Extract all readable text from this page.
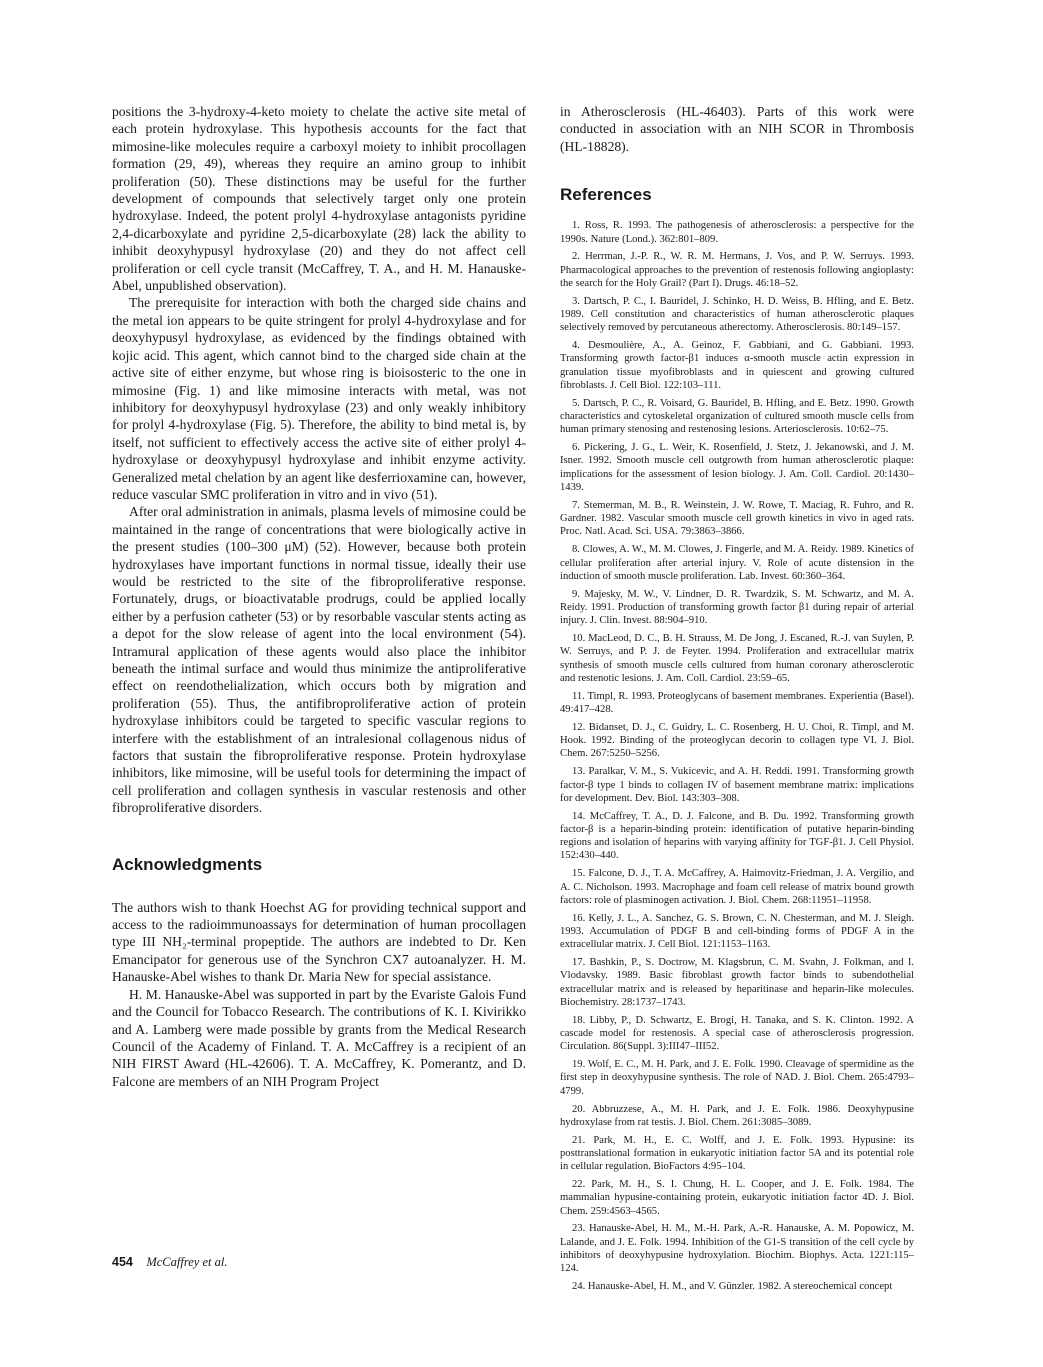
positions the 3-hydroxy-4-keto moiety to chelate the active site metal of each protein hydroxylase. This hypothesis accounts for the fact that mimosine-like molecules require a carboxyl moiety to inhibit procollagen formation (29, 49), whereas they require an amino group to inhibit proliferation (50). These distinctions may be useful for the further development of compounds that selectively target only one protein hydroxylase. Indeed, the potent prolyl 4-hydroxylase antagonists pyridine 2,4-dicarboxylate and pyridine 2,5-dicarboxylate (28) lack the ability to inhibit deoxyhypusyl hydroxylase (20) and they do not affect cell proliferation or cell cycle transit (McCaffrey, T. A., and H. M. Hanauske-Abel, unpublished observation).

The prerequisite for interaction with both the charged side chains and the metal ion appears to be quite stringent for prolyl 4-hydroxylase and for deoxyhypusyl hydroxylase, as evidenced by the findings obtained with kojic acid. This agent, which cannot bind to the charged side chain at the active site of either enzyme, but whose ring is bioisosteric to the one in mimosine (Fig. 1) and like mimosine interacts with metal, was not inhibitory for deoxyhypusyl hydroxylase (23) and only weakly inhibitory for prolyl 4-hydroxylase (Fig. 5). Therefore, the ability to bind metal is, by itself, not sufficient to effectively access the active site of either prolyl 4-hydroxylase or deoxyhypusyl hydroxylase and inhibit enzyme activity. Generalized metal chelation by an agent like desferrioxamine can, however, reduce vascular SMC proliferation in vitro and in vivo (51).

After oral administration in animals, plasma levels of mimosine could be maintained in the range of concentrations that were biologically active in the present studies (100–300 μM) (52). However, because both protein hydroxylases have important functions in normal tissue, ideally their use would be restricted to the site of the fibroproliferative response. Fortunately, drugs, or bioactivatable prodrugs, could be applied locally either by a perfusion catheter (53) or by resorbable vascular stents acting as a depot for the slow release of agent into the local environment (54). Intramural application of these agents would also place the inhibitor beneath the intimal surface and would thus minimize the antiproliferative effect on reendothelialization, which occurs both by migration and proliferation (55). Thus, the antifibroproliferative action of protein hydroxylase inhibitors could be targeted to specific vascular regions to interfere with the establishment of an intralesional collagenous nidus of factors that sustain the fibroproliferative response. Protein hydroxylase inhibitors, like mimosine, will be useful tools for determining the impact of cell proliferation and collagen synthesis in vascular restenosis and other fibroproliferative disorders.

Acknowledgments

The authors wish to thank Hoechst AG for providing technical support and access to the radioimmunoassays for determination of human procollagen type III NH₂-terminal propeptide. The authors are indebted to Dr. Ken Emancipator for generous use of the Synchron CX7 autoanalyzer. H. M. Hanauske-Abel wishes to thank Dr. Maria New for special assistance.

H. M. Hanauske-Abel was supported in part by the Evariste Galois Fund and the Council for Tobacco Research. The contributions of K. I. Kivirikko and A. Lamberg were made possible by grants from the Medical Research Council of the Academy of Finland. T. A. McCaffrey is a recipient of an NIH FIRST Award (HL-42606). T. A. McCaffrey, K. Pomerantz, and D. Falcone are members of an NIH Program Project

in Atherosclerosis (HL-46403). Parts of this work were conducted in association with an NIH SCOR in Thrombosis (HL-18828).

References
1. Ross, R. 1993. The pathogenesis of atherosclerosis: a perspective for the 1990s. Nature (Lond.). 362:801–809.
2. Herrman, J.-P. R., W. R. M. Hermans, J. Vos, and P. W. Serruys. 1993. Pharmacological approaches to the prevention of restenosis following angioplasty: the search for the Holy Grail? (Part I). Drugs. 46:18–52.
3. Dartsch, P. C., I. Bauridel, J. Schinko, H. D. Weiss, B. Hfling, and E. Betz. 1989. Cell constitution and characteristics of human atherosclerotic plaques selectively removed by percutaneous atherectomy. Atherosclerosis. 80:149–157.
4. Desmoulière, A., A. Geinoz, F. Gabbiani, and G. Gabbiani. 1993. Transforming growth factor-β1 induces α-smooth muscle actin expression in granulation tissue myofibroblasts and in quiescent and growing cultured fibroblasts. J. Cell Biol. 122:103–111.
5. Dartsch, P. C., R. Voisard, G. Bauridel, B. Hfling, and E. Betz. 1990. Growth characteristics and cytoskeletal organization of cultured smooth muscle cells from human primary stenosing and restenosing lesions. Arteriosclerosis. 10:62–75.
6. Pickering, J. G., L. Weir, K. Rosenfield, J. Stetz, J. Jekanowski, and J. M. Isner. 1992. Smooth muscle cell outgrowth from human atherosclerotic plaque: implications for the assessment of lesion biology. J. Am. Coll. Cardiol. 20:1430–1439.
7. Stemerman, M. B., R. Weinstein, J. W. Rowe, T. Maciag, R. Fuhro, and R. Gardner. 1982. Vascular smooth muscle cell growth kinetics in vivo in aged rats. Proc. Natl. Acad. Sci. USA. 79:3863–3866.
8. Clowes, A. W., M. M. Clowes, J. Fingerle, and M. A. Reidy. 1989. Kinetics of cellular proliferation after arterial injury. V. Role of acute distension in the induction of smooth muscle proliferation. Lab. Invest. 60:360–364.
9. Majesky, M. W., V. Lindner, D. R. Twardzik, S. M. Schwartz, and M. A. Reidy. 1991. Production of transforming growth factor β1 during repair of arterial injury. J. Clin. Invest. 88:904–910.
10. MacLeod, D. C., B. H. Strauss, M. De Jong, J. Escaned, R.-J. van Suylen, P. W. Serruys, and P. J. de Feyter. 1994. Proliferation and extracellular matrix synthesis of smooth muscle cells cultured from human coronary atherosclerotic and restenotic lesions. J. Am. Coll. Cardiol. 23:59–65.
11. Timpl, R. 1993. Proteoglycans of basement membranes. Experientia (Basel). 49:417–428.
12. Bidanset, D. J., C. Guidry, L. C. Rosenberg, H. U. Choi, R. Timpl, and M. Hook. 1992. Binding of the proteoglycan decorin to collagen type VI. J. Biol. Chem. 267:5250–5256.
13. Paralkar, V. M., S. Vukicevic, and A. H. Reddi. 1991. Transforming growth factor-β type 1 binds to collagen IV of basement membrane matrix: implications for development. Dev. Biol. 143:303–308.
14. McCaffrey, T. A., D. J. Falcone, and B. Du. 1992. Transforming growth factor-β is a heparin-binding protein: identification of putative heparin-binding regions and isolation of heparins with varying affinity for TGF-β1. J. Cell Physiol. 152:430–440.
15. Falcone, D. J., T. A. McCaffrey, A. Haimovitz-Friedman, J. A. Vergilio, and A. C. Nicholson. 1993. Macrophage and foam cell release of matrix bound growth factors: role of plasminogen activation. J. Biol. Chem. 268:11951–11958.
16. Kelly, J. L., A. Sanchez, G. S. Brown, C. N. Chesterman, and M. J. Sleigh. 1993. Accumulation of PDGF B and cell-binding forms of PDGF A in the extracellular matrix. J. Cell Biol. 121:1153–1163.
17. Bashkin, P., S. Doctrow, M. Klagsbrun, C. M. Svahn, J. Folkman, and I. Vlodavsky. 1989. Basic fibroblast growth factor binds to subendothelial extracellular matrix and is released by heparitinase and heparin-like molecules. Biochemistry. 28:1737–1743.
18. Libby, P., D. Schwartz, E. Brogi, H. Tanaka, and S. K. Clinton. 1992. A cascade model for restenosis. A special case of atherosclerosis progression. Circulation. 86(Suppl. 3):III47–III52.
19. Wolf, E. C., M. H. Park, and J. E. Folk. 1990. Cleavage of spermidine as the first step in deoxyhypusine synthesis. The role of NAD. J. Biol. Chem. 265:4793–4799.
20. Abbruzzese, A., M. H. Park, and J. E. Folk. 1986. Deoxyhypusine hydroxylase from rat testis. J. Biol. Chem. 261:3085–3089.
21. Park, M. H., E. C. Wolff, and J. E. Folk. 1993. Hypusine: its posttranslational formation in eukaryotic initiation factor 5A and its potential role in cellular regulation. BioFactors 4:95–104.
22. Park, M. H., S. I. Chung, H. L. Cooper, and J. E. Folk. 1984. The mammalian hypusine-containing protein, eukaryotic initiation factor 4D. J. Biol. Chem. 259:4563–4565.
23. Hanauske-Abel, H. M., M.-H. Park, A.-R. Hanauske, A. M. Popowicz, M. Lalande, and J. E. Folk. 1994. Inhibition of the G1-S transition of the cell cycle by inhibitors of deoxyhypusine hydroxylation. Biochim. Biophys. Acta. 1221:115–124.
24. Hanauske-Abel, H. M., and V. Günzler. 1982. A stereochemical concept
454 McCaffrey et al.
